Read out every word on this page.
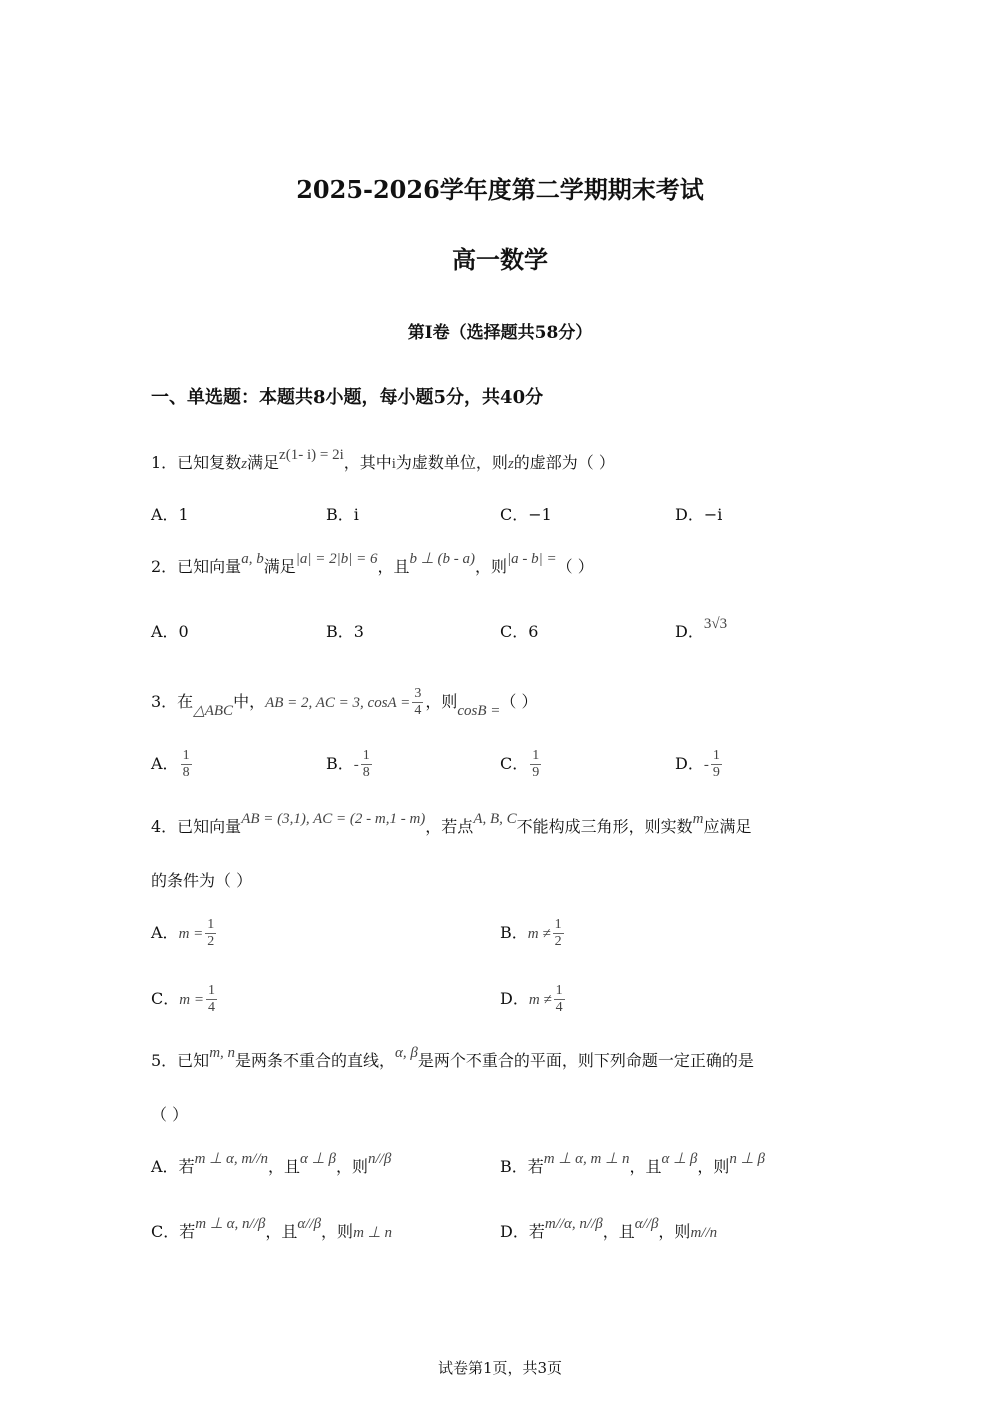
2025-2026学年度第二学期期末考试
高一数学
第I卷（选择题共58分）
一、单选题：本题共8小题，每小题5分，共40分
1．已知复数z满足z(1- i) = 2i，其中i为虚数单位，则z的虚部为（ ）
A．1	B．i	C．−1	D．−i
2．已知向量a, b满足|a| = 2|b| = 6，且b ⊥ (b - a)，则|a - b| =（ ）
A．0	B．3	C．6	D．3√3
3．在△ABC中，AB = 2, AC = 3, $\cos A = \frac{3}{4}$ ，则cosB =（ ）
A． $\frac{1}{8}$	B．- $\frac{1}{8}$	C． $\frac{1}{9}$	D．- $\frac{1}{9}$
4．已知向量AB = (3,1), AC = (2 - m,1 - m)，若点A, B, C不能构成三角形，则实数m应满足
的条件为（ ）
A．$m = \frac{1}{2}$	B．$m \ne \frac{1}{2}$
C．$m = \frac{1}{4}$	D．$m \ne \frac{1}{4}$
5．已知m, n是两条不重合的直线，α, β是两个不重合的平面，则下列命题一定正确的是
（ ）
A．若m ⊥ α, m//n，且α ⊥ β，则n//β	B．若m ⊥ α, m ⊥ n，且α ⊥ β，则n ⊥ β
C．若m ⊥ α, n//β，且α//β，则m ⊥ n	D．若m//α, n//β，且α//β，则m//n
试卷第1页，共3页
